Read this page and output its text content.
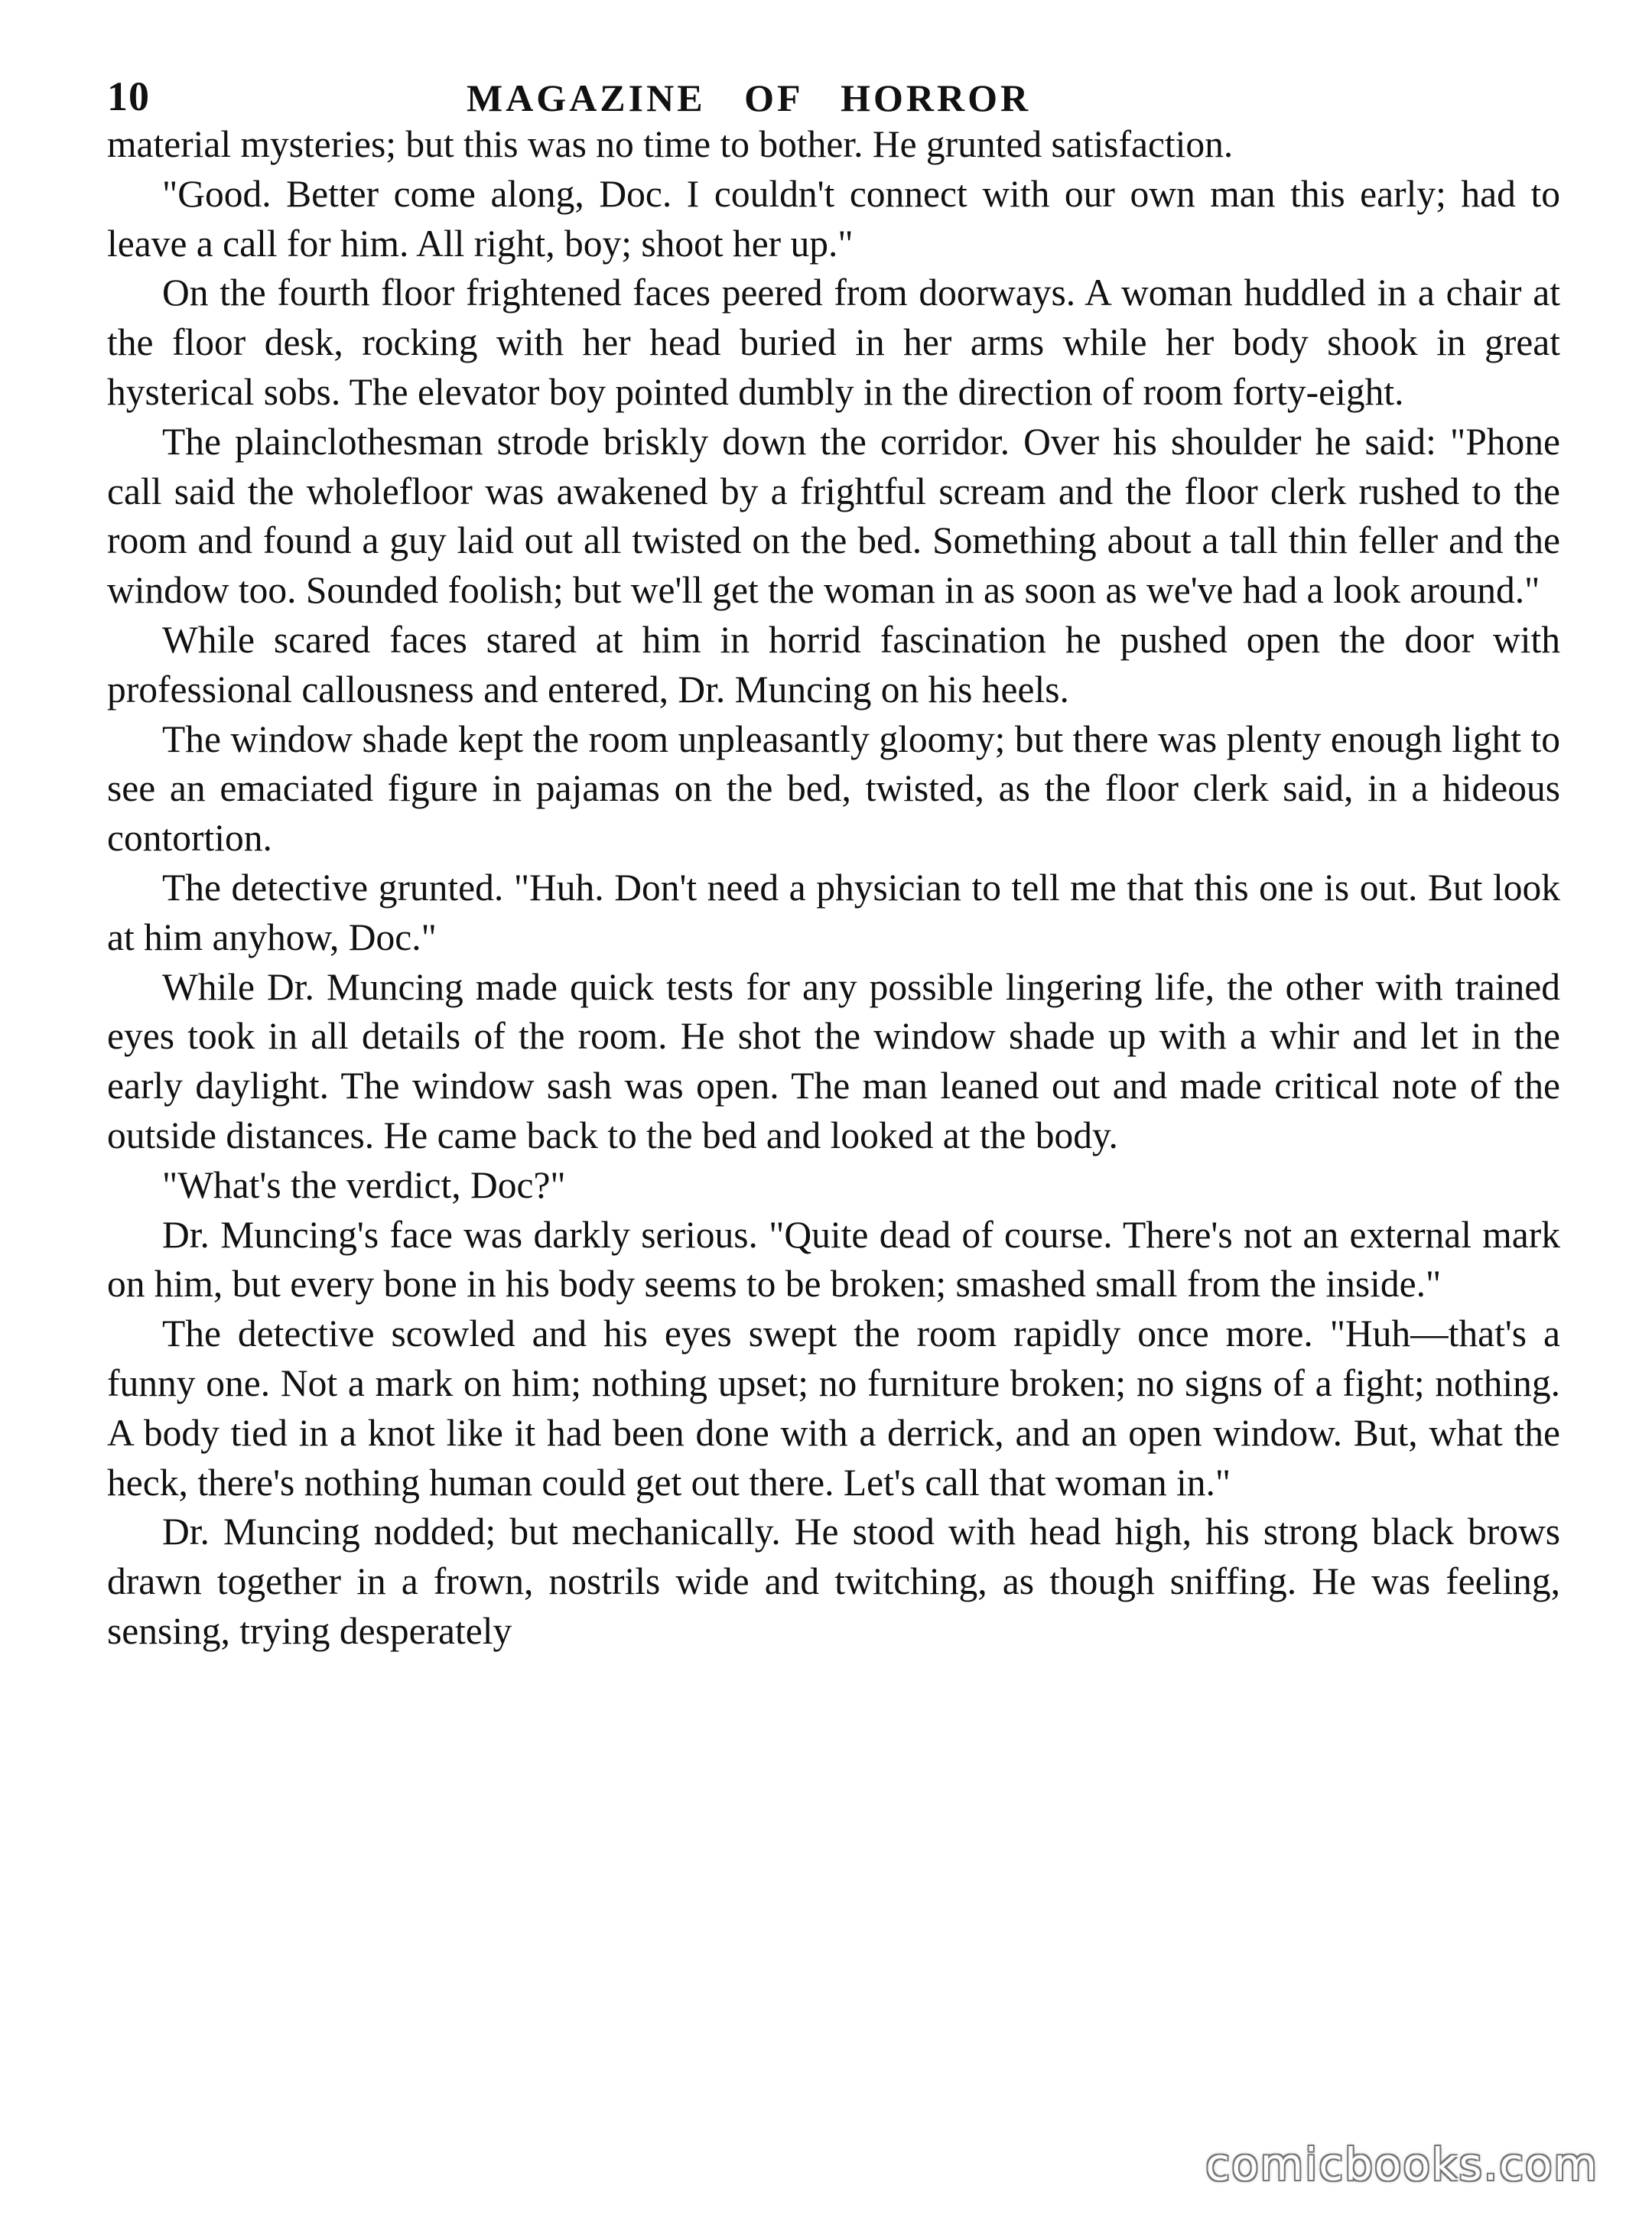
10	MAGAZINE OF HORROR

material mysteries; but this was no time to bother. He grunted satisfaction.

"Good. Better come along, Doc. I couldn't connect with our own man this early; had to leave a call for him. All right, boy; shoot her up."

On the fourth floor frightened faces peered from doorways. A woman huddled in a chair at the floor desk, rocking with her head buried in her arms while her body shook in great hysterical sobs. The elevator boy pointed dumbly in the direction of room forty-eight.

The plainclothesman strode briskly down the corridor. Over his shoulder he said: "Phone call said the wholefloor was awakened by a frightful scream and the floor clerk rushed to the room and found a guy laid out all twisted on the bed. Something about a tall thin feller and the window too. Sounded foolish; but we'll get the woman in as soon as we've had a look around."

While scared faces stared at him in horrid fascination he pushed open the door with professional callousness and entered, Dr. Muncing on his heels.

The window shade kept the room unpleasantly gloomy; but there was plenty enough light to see an emaciated figure in pajamas on the bed, twisted, as the floor clerk said, in a hideous contortion.

The detective grunted. "Huh. Don't need a physician to tell me that this one is out. But look at him anyhow, Doc."

While Dr. Muncing made quick tests for any possible lingering life, the other with trained eyes took in all details of the room. He shot the window shade up with a whir and let in the early daylight. The window sash was open. The man leaned out and made critical note of the outside distances. He came back to the bed and looked at the body.

"What's the verdict, Doc?"

Dr. Muncing's face was darkly serious. "Quite dead of course. There's not an external mark on him, but every bone in his body seems to be broken; smashed small from the inside."

The detective scowled and his eyes swept the room rapidly once more. "Huh—that's a funny one. Not a mark on him; nothing upset; no furniture broken; no signs of a fight; nothing. A body tied in a knot like it had been done with a derrick, and an open window. But, what the heck, there's nothing human could get out there. Let's call that woman in."

Dr. Muncing nodded; but mechanically. He stood with head high, his strong black brows drawn together in a frown, nostrils wide and twitching, as though sniffing. He was feeling, sensing, trying desperately

comicbooks.com
